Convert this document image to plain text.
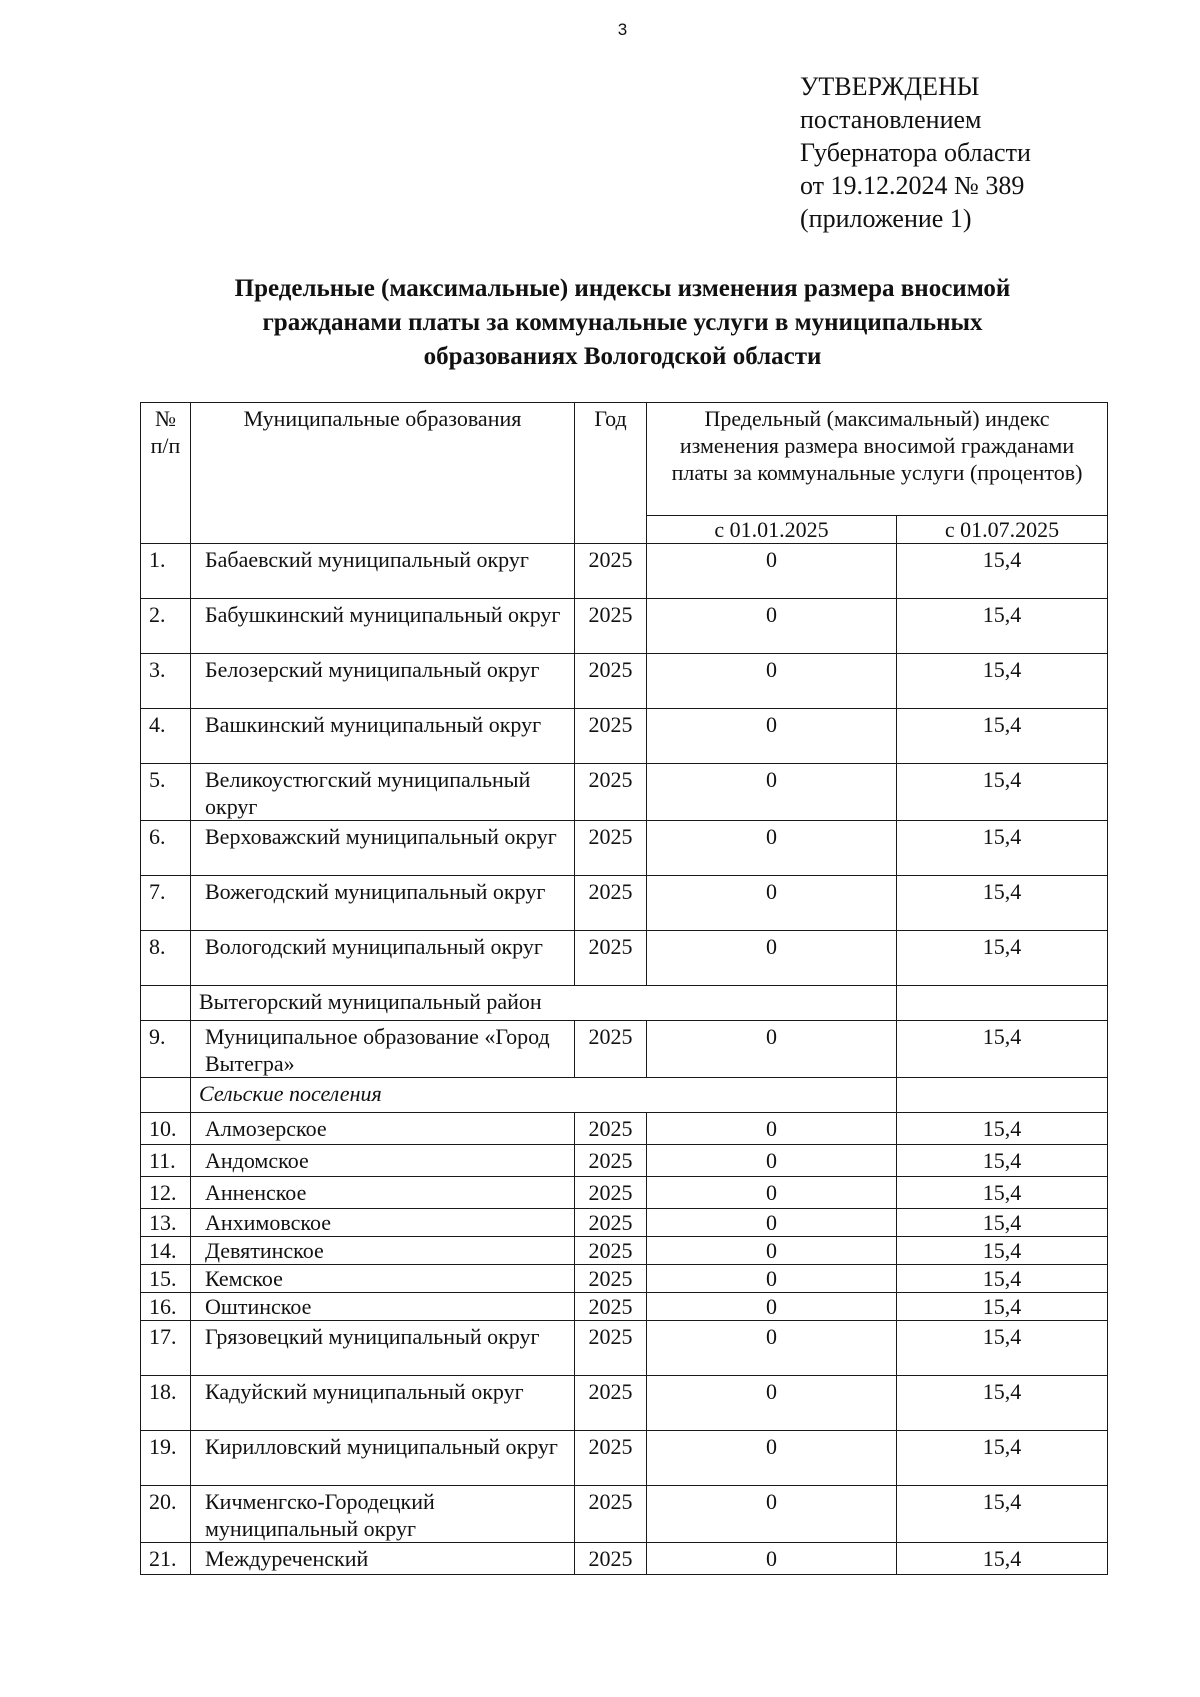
3
УТВЕРЖДЕНЫ
постановлением
Губернатора области
от 19.12.2024 № 389
(приложение 1)
Предельные (максимальные) индексы изменения размера вносимой
гражданами платы за коммунальные услуги в муниципальных
образованиях Вологодской области
№ п/п	Муниципальные образования	Год	Предельный (максимальный) индекс изменения размера вносимой гражданами платы за коммунальные услуги (процентов)	
			с 01.01.2025	с 01.07.2025
1.	Бабаевский муниципальный округ	2025	0	15,4
2.	Бабушкинский муниципальный округ	2025	0	15,4
3.	Белозерский муниципальный округ	2025	0	15,4
4.	Вашкинский муниципальный округ	2025	0	15,4
5.	Великоустюгский муниципальный округ	2025	0	15,4
6.	Верховажский муниципальный округ	2025	0	15,4
7.	Вожегодский муниципальный округ	2025	0	15,4
8.	Вологодский муниципальный округ	2025	0	15,4
	Вытегорский муниципальный район			
9.	Муниципальное образование «Город Вытегра»	2025	0	15,4
	Сельские поселения			
10.	Алмозерское	2025	0	15,4
11.	Андомское	2025	0	15,4
12.	Анненское	2025	0	15,4
13.	Анхимовское	2025	0	15,4
14.	Девятинское	2025	0	15,4
15.	Кемское	2025	0	15,4
16.	Оштинское	2025	0	15,4
17.	Грязовецкий муниципальный округ	2025	0	15,4
18.	Кадуйский муниципальный округ	2025	0	15,4
19.	Кирилловский муниципальный округ	2025	0	15,4
20.	Кичменгско-Городецкий муниципальный округ	2025	0	15,4
21.	Междуреченский	2025	0	15,4
